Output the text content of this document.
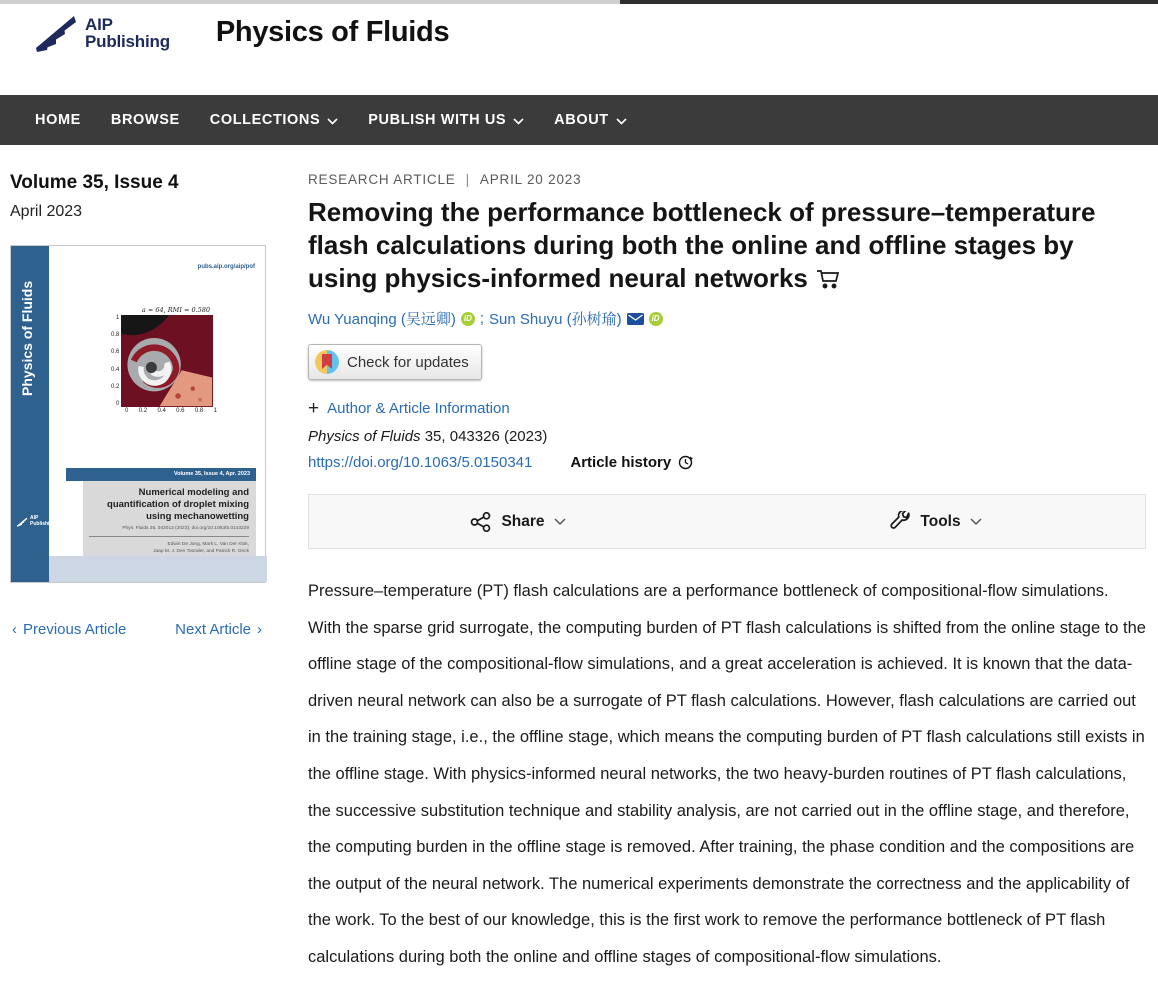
AIP
Publishing Physics of Fluids
HOME BROWSE COLLECTIONS	PUBLISH WITH US	ABOUT
Volume 35, Issue 4
April 2023
Physics of Fluids
AIP
Publishing
pubs.aip.org/aip/pof
a = 64, RMI = 0.580
1
0.8
0.6
0.4
0.2
0
0 0.2 0.4 0.6 0.8 1
Volume 35, Issue 4, Apr. 2023
Numerical modeling and quantification of droplet mixing using mechanowetting
Phys. Fluids 35, 042013 (2023); doi.org/10.1063/5.0143229
Edwin De Jong, Mark L. Van Der Klok,
Jaap M. J. Den Toonder, and Patrick R. Onck
‹ Previous Article	Next Article ›
RESEARCH ARTICLE | APRIL 20 2023
Removing the performance bottleneck of pressure–temperature flash calculations during both the online and offline stages by using physics-informed neural networks
Wu Yuanqing (吴远卿)	iD ; Sun Shuyu (孙树瑜)	iD
Check for updates
+ Author & Article Information
Physics of Fluids 35, 043326 (2023)
https://doi.org/10.1063/5.0150341	Article history
Share	Tools
Pressure–temperature (PT) flash calculations are a performance bottleneck of compositional-flow simulations. With the sparse grid surrogate, the computing burden of PT flash calculations is shifted from the online stage to the offline stage of the compositional-flow simulations, and a great acceleration is achieved. It is known that the data-driven neural network can also be a surrogate of PT flash calculations. However, flash calculations are carried out in the training stage, i.e., the offline stage, which means the computing burden of PT flash calculations still exists in the offline stage. With physics-informed neural networks, the two heavy-burden routines of PT flash calculations, the successive substitution technique and stability analysis, are not carried out in the offline stage, and therefore, the computing burden in the offline stage is removed. After training, the phase condition and the compositions are the output of the neural network. The numerical experiments demonstrate the correctness and the applicability of the work. To the best of our knowledge, this is the first work to remove the performance bottleneck of PT flash calculations during both the online and offline stages of compositional-flow simulations.
